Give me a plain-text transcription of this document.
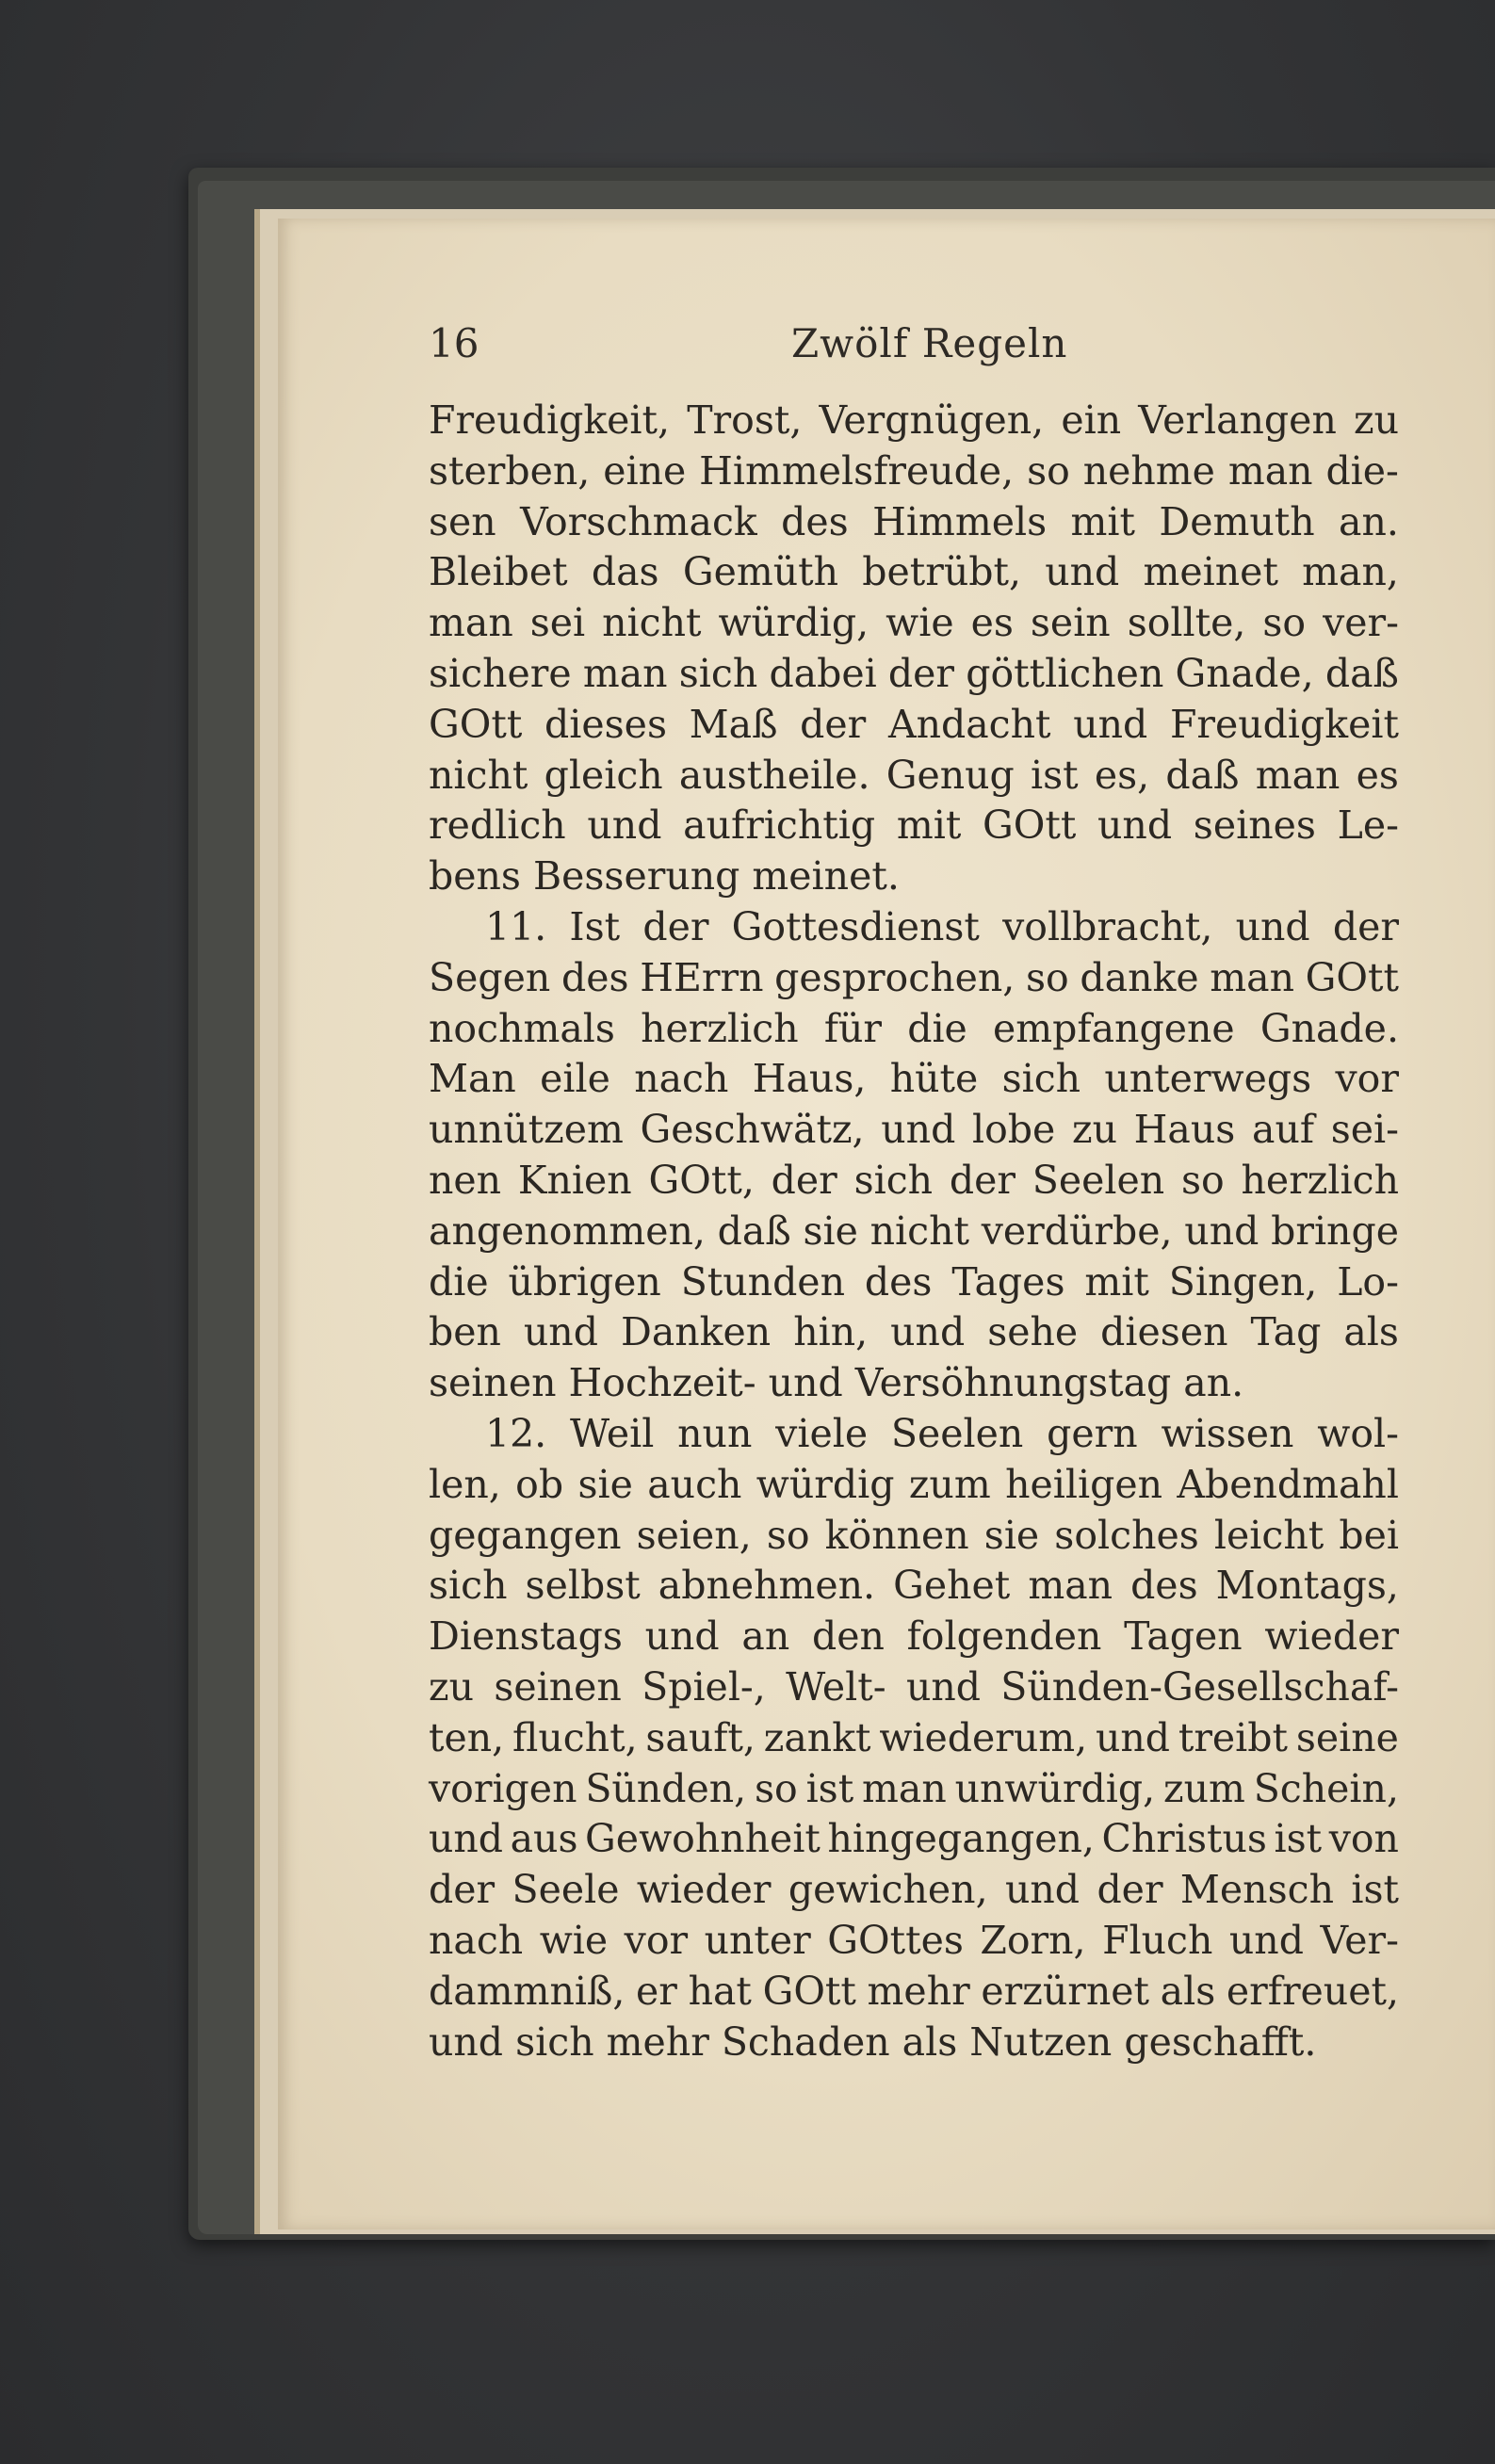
16	Zwölf Regeln
Freudigkeit, Trost, Vergnügen, ein Verlangen zu
sterben, eine Himmelsfreude, so nehme man die-
sen Vorschmack des Himmels mit Demuth an.
Bleibet das Gemüth betrübt, und meinet man,
man sei nicht würdig, wie es sein sollte, so ver-
sichere man sich dabei der göttlichen Gnade, daß
GOtt dieses Maß der Andacht und Freudigkeit
nicht gleich austheile. Genug ist es, daß man es
redlich und aufrichtig mit GOtt und seines Le-
bens Besserung meinet.
11. Ist der Gottesdienst vollbracht, und der
Segen des HErrn gesprochen, so danke man GOtt
nochmals herzlich für die empfangene Gnade.
Man eile nach Haus, hüte sich unterwegs vor
unnützem Geschwätz, und lobe zu Haus auf sei-
nen Knien GOtt, der sich der Seelen so herzlich
angenommen, daß sie nicht verdürbe, und bringe
die übrigen Stunden des Tages mit Singen, Lo-
ben und Danken hin, und sehe diesen Tag als
seinen Hochzeit- und Versöhnungstag an.
12. Weil nun viele Seelen gern wissen wol-
len, ob sie auch würdig zum heiligen Abendmahl
gegangen seien, so können sie solches leicht bei
sich selbst abnehmen. Gehet man des Montags,
Dienstags und an den folgenden Tagen wieder
zu seinen Spiel-, Welt- und Sünden-Gesellschaf-
ten, flucht, sauft, zankt wiederum, und treibt seine
vorigen Sünden, so ist man unwürdig, zum Schein,
und aus Gewohnheit hingegangen, Christus ist von
der Seele wieder gewichen, und der Mensch ist
nach wie vor unter GOttes Zorn, Fluch und Ver-
dammniß, er hat GOtt mehr erzürnet als erfreuet,
und sich mehr Schaden als Nutzen geschafft.
